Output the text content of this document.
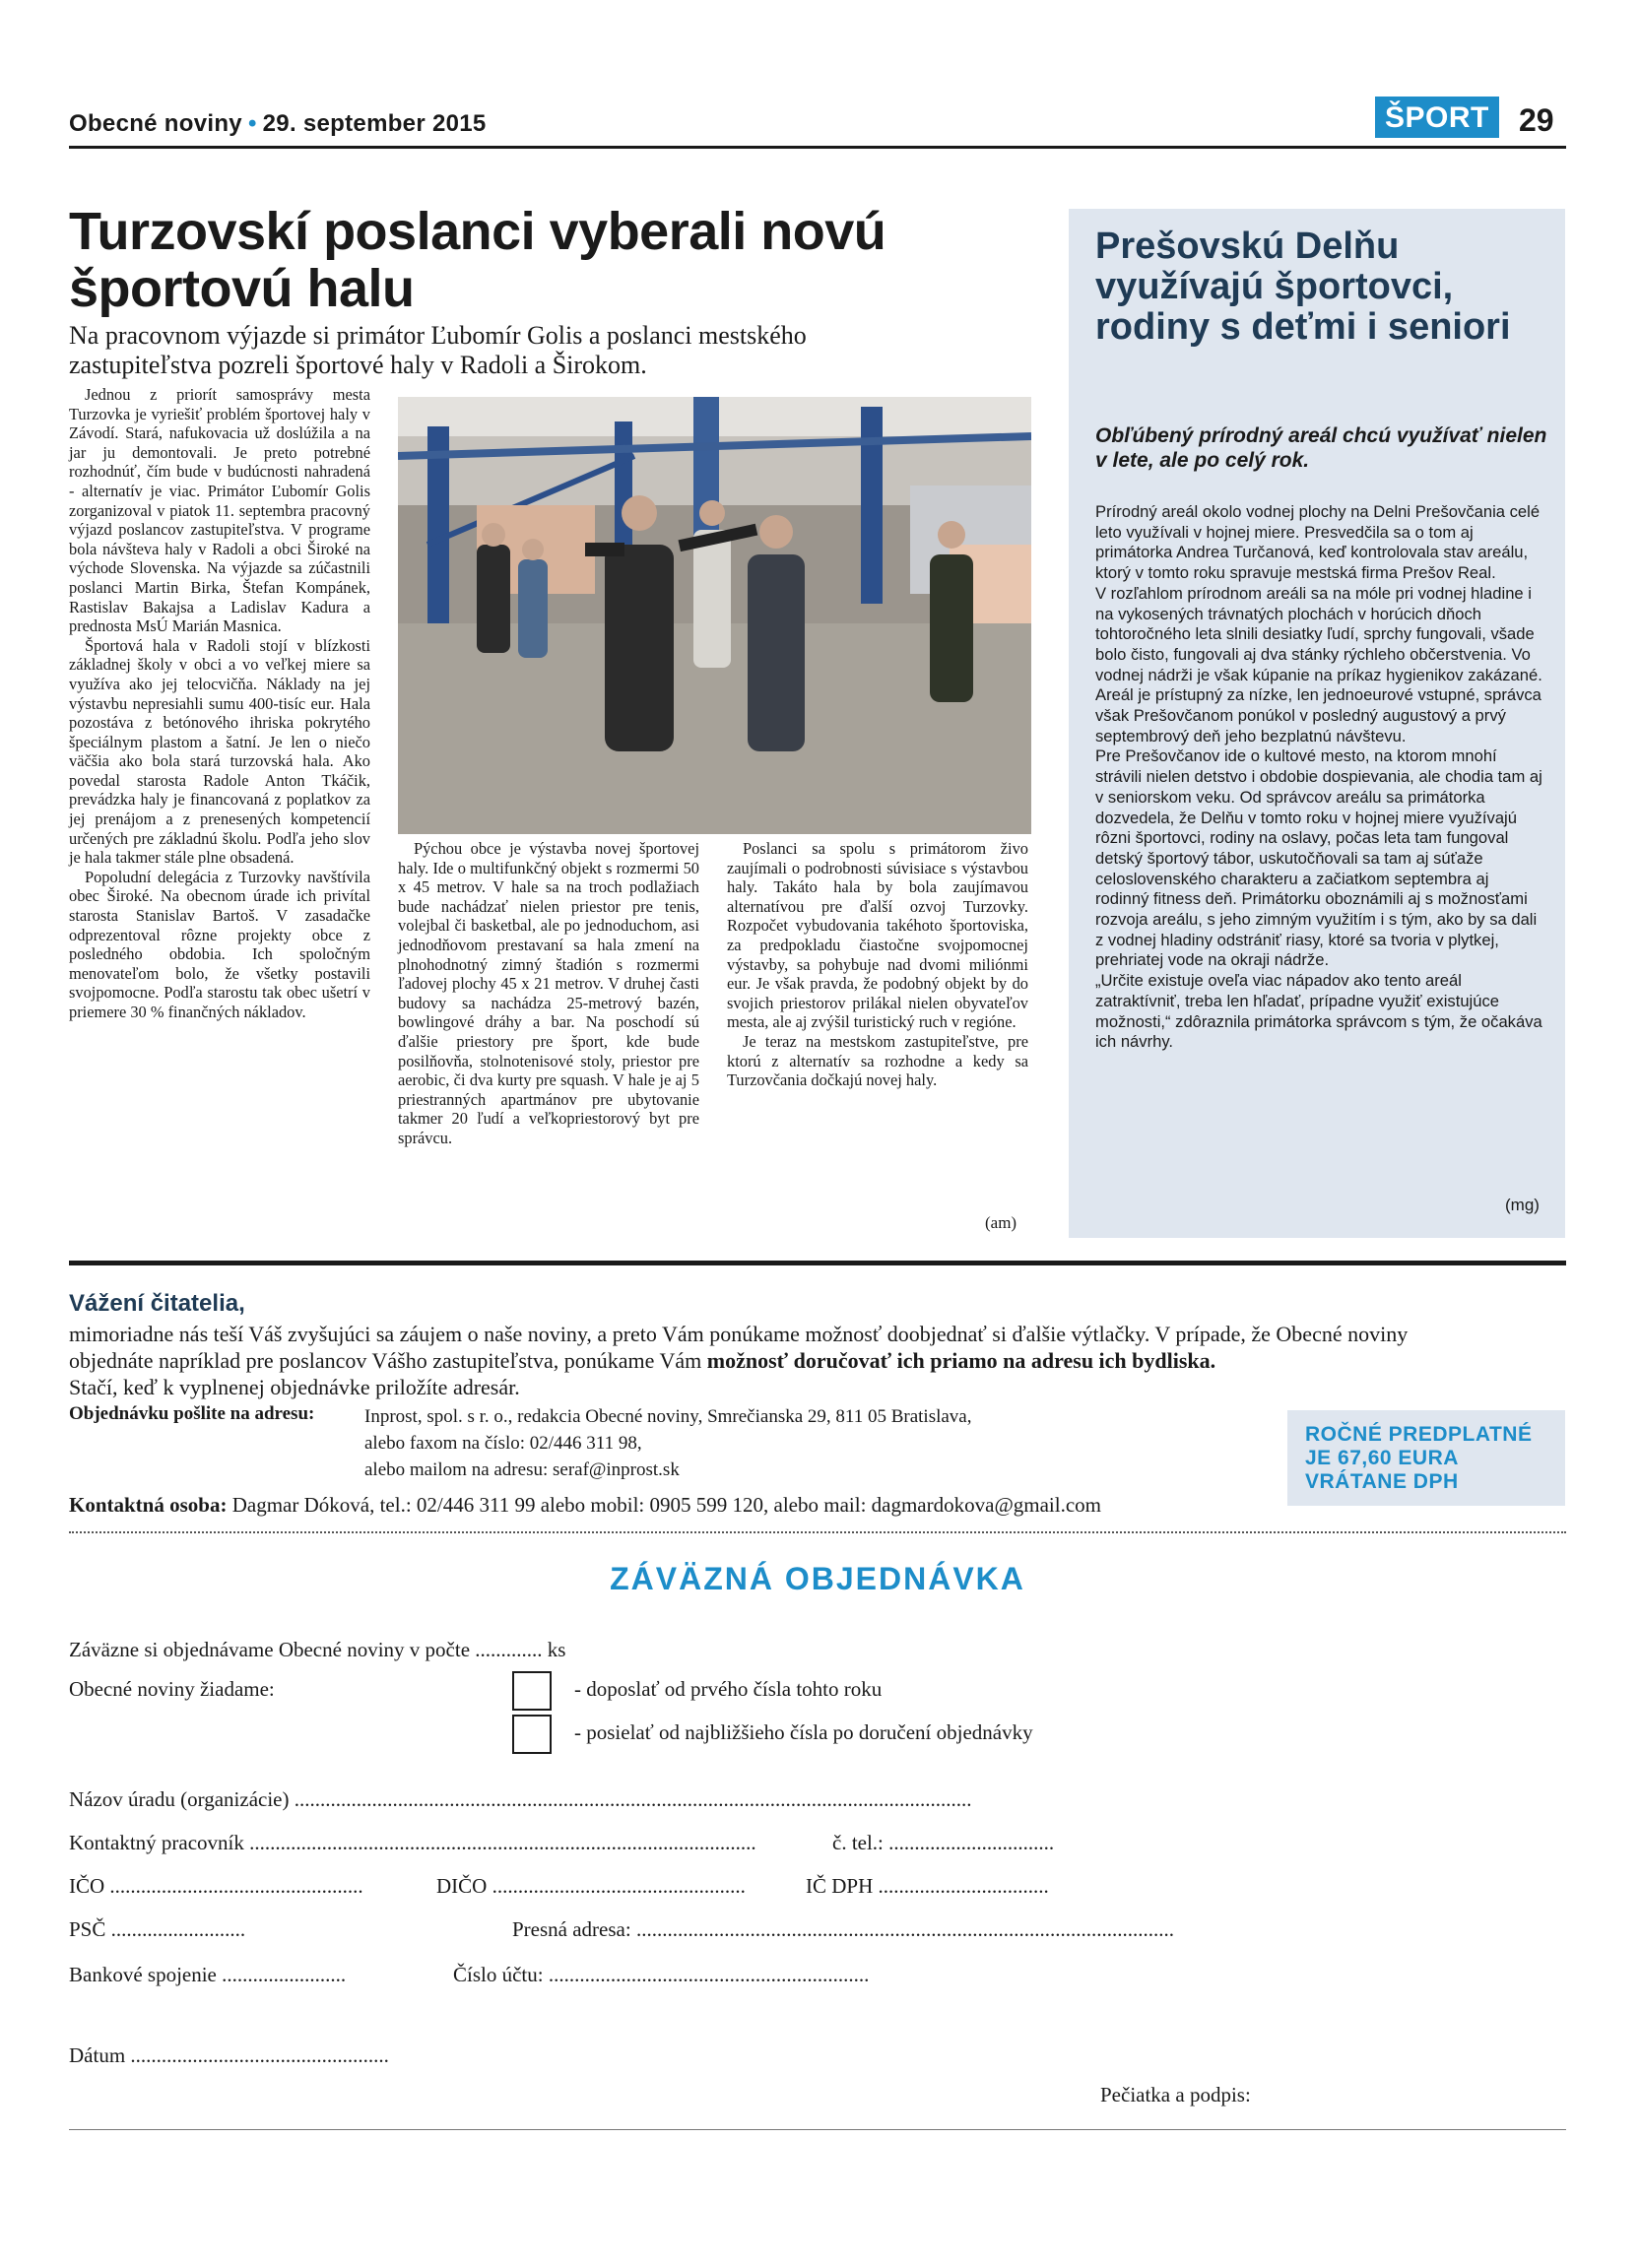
Obecné noviny • 29. september 2015	ŠPORT 29
Turzovskí poslanci vyberali novú športovú halu
Na pracovnom výjazde si primátor Ľubomír Golis a poslanci mestského zastupiteľstva pozreli športové haly v Radoli a Širokom.

Jednou z priorít samosprávy mesta Turzovka je vyriešiť problém športovej haly v Závodí. Stará, nafukovacia už doslúžila a na jar ju demontovali. Je preto potrebné rozhodnúť, čím bude v budúcnosti nahradená - alternatív je viac. Primátor Ľubomír Golis zorganizoval v piatok 11. septembra pracovný výjazd poslancov zastupiteľstva. V programe bola návšteva haly v Radoli a obci Široké na východe Slovenska. Na výjazde sa zúčastnili poslanci Martin Birka, Štefan Kompánek, Rastislav Bakajsa a Ladislav Kadura a prednosta MsÚ Marián Masnica.

Športová hala v Radoli stojí v blízkosti základnej školy v obci a vo veľkej miere sa využíva ako jej telocvičňa. Náklady na jej výstavbu nepresiahli sumu 400-tisíc eur. Hala pozostáva z betónového ihriska pokrytého špeciálnym plastom a šatní. Je len o niečo väčšia ako bola stará turzovská hala. Ako povedal starosta Radole Anton Tkáčik, prevádzka haly je financovaná z poplatkov za jej prenájom a z prenesených kompetencií určených pre základnú školu. Podľa jeho slov je hala takmer stále plne obsadená.

Popoludní delegácia z Turzovky navštívila obec Široké. Na obecnom úrade ich privítal starosta Stanislav Bartoš. V zasadačke odprezentoval rôzne projekty obce z posledného obdobia. Ich spoločným menovateľom bolo, že všetky postavili svojpomocne. Podľa starostu tak obec ušetrí v priemere 30 % finančných nákladov.

Pýchou obce je výstavba novej športovej haly. Ide o multifunkčný objekt s rozmermi 50 x 45 metrov. V hale sa na troch podlažiach bude nachádzať nielen priestor pre tenis, volejbal či basketbal, ale po jednoduchom, asi jednodňovom prestavaní sa hala zmení na plnohodnotný zimný štadión s rozmermi ľadovej plochy 45 x 21 metrov. V druhej časti budovy sa nachádza 25-metrový bazén, bowlingové dráhy a bar. Na poschodí sú ďalšie priestory pre šport, kde bude posilňovňa, stolnotenisové stoly, priestor pre aerobic, či dva kurty pre squash. V hale je aj 5 priestranných apartmánov pre ubytovanie takmer 20 ľudí a veľkopriestorový byt pre správcu.

Poslanci sa spolu s primátorom živo zaujímali o podrobnosti súvisiace s výstavbou haly. Takáto hala by bola zaujímavou alternatívou pre ďalší ozvoj Turzovky. Rozpočet vybudovania takéhoto športoviska, za predpokladu čiastočne svojpomocnej výstavby, sa pohybuje nad dvomi miliónmi eur. Je však pravda, že podobný objekt by do svojich priestorov prilákal nielen obyvateľov mesta, ale aj zvýšil turistický ruch v regióne.

Je teraz na mestskom zastupiteľstve, pre ktorú z alternatív sa rozhodne a kedy sa Turzovčania dočkajú novej haly.

(am)
Prešovskú Delňu využívajú športovci, rodiny s deťmi i seniori
Obľúbený prírodný areál chcú využívať nielen v lete, ale po celý rok.

Prírodný areál okolo vodnej plochy na Delni Prešovčania celé leto využívali v hojnej miere. Presvedčila sa o tom aj primátorka Andrea Turčanová, keď kontrolovala stav areálu, ktorý v tomto roku spravuje mestská firma Prešov Real.

V rozľahlom prírodnom areáli sa na móle pri vodnej hladine i na vykosených trávnatých plochách v horúcich dňoch tohtoročného leta slnili desiatky ľudí, sprchy fungovali, všade bolo čisto, fungovali aj dva stánky rýchleho občerstvenia. Vo vodnej nádrži je však kúpanie na príkaz hygienikov zakázané. Areál je prístupný za nízke, len jednoeurové vstupné, správca však Prešovčanom ponúkol v posledný augustový a prvý septembrový deň jeho bezplatnú návštevu.

Pre Prešovčanov ide o kultové mesto, na ktorom mnohí strávili nielen detstvo i obdobie dospievania, ale chodia tam aj v seniorskom veku. Od správcov areálu sa primátorka dozvedela, že Delňu v tomto roku v hojnej miere využívajú rôzni športovci, rodiny na oslavy, počas leta tam fungoval detský športový tábor, uskutočňovali sa tam aj súťaže celoslovenského charakteru a začiatkom septembra aj rodinný fitness deň. Primátorku oboznámili aj s možnosťami rozvoja areálu, s jeho zimným využitím i s tým, ako by sa dali z vodnej hladiny odstrániť riasy, ktoré sa tvoria v plytkej, prehriatej vode na okraji nádrže.

„Určite existuje oveľa viac nápadov ako tento areál zatraktívniť, treba len hľadať, prípadne využiť existujúce možnosti,“ zdôraznila primátorka správcom s tým, že očakáva ich návrhy.

(mg)
Vážení čitatelia,
mimoriadne nás teší Váš zvyšujúci sa záujem o naše noviny, a preto Vám ponúkame možnosť doobjednať si ďalšie výtlačky. V prípade, že Obecné noviny objednáte napríklad pre poslancov Vášho zastupiteľstva, ponúkame Vám možnosť doručovať ich priamo na adresu ich bydliska.
Stačí, keď k vyplnenej objednávke priložíte adresár.
Objednávku pošlite na adresu:	Inprost, spol. s r. o., redakcia Obecné noviny, Smrečianska 29, 811 05 Bratislava,
alebo faxom na číslo: 02/446 311 98,
alebo mailom na adresu: seraf@inprost.sk
Kontaktná osoba: Dagmar Dóková, tel.: 02/446 311 99 alebo mobil: 0905 599 120, alebo mail: dagmardokova@gmail.com
ROČNÉ PREDPLATNÉ
JE 67,60 EURA
VRÁTANE DPH
ZÁVÄZNÁ OBJEDNÁVKA
Záväzne si objednávame Obecné noviny v počte ............. ks
Obecné noviny žiadame:	- doposlať od prvého čísla tohto roku
- posielať od najbližšieho čísla po doručení objednávky
Názov úradu (organizácie) ...................................................................................................................................
Kontaktný pracovník ..................................................................................................	č. tel.: ................................
IČO .................................................	DIČO .................................................	IČ DPH .................................
PSČ ..........................	Presná adresa: ........................................................................................................
Bankové spojenie ........................	Číslo účtu: ..............................................................
Dátum ..................................................
Pečiatka a podpis:
